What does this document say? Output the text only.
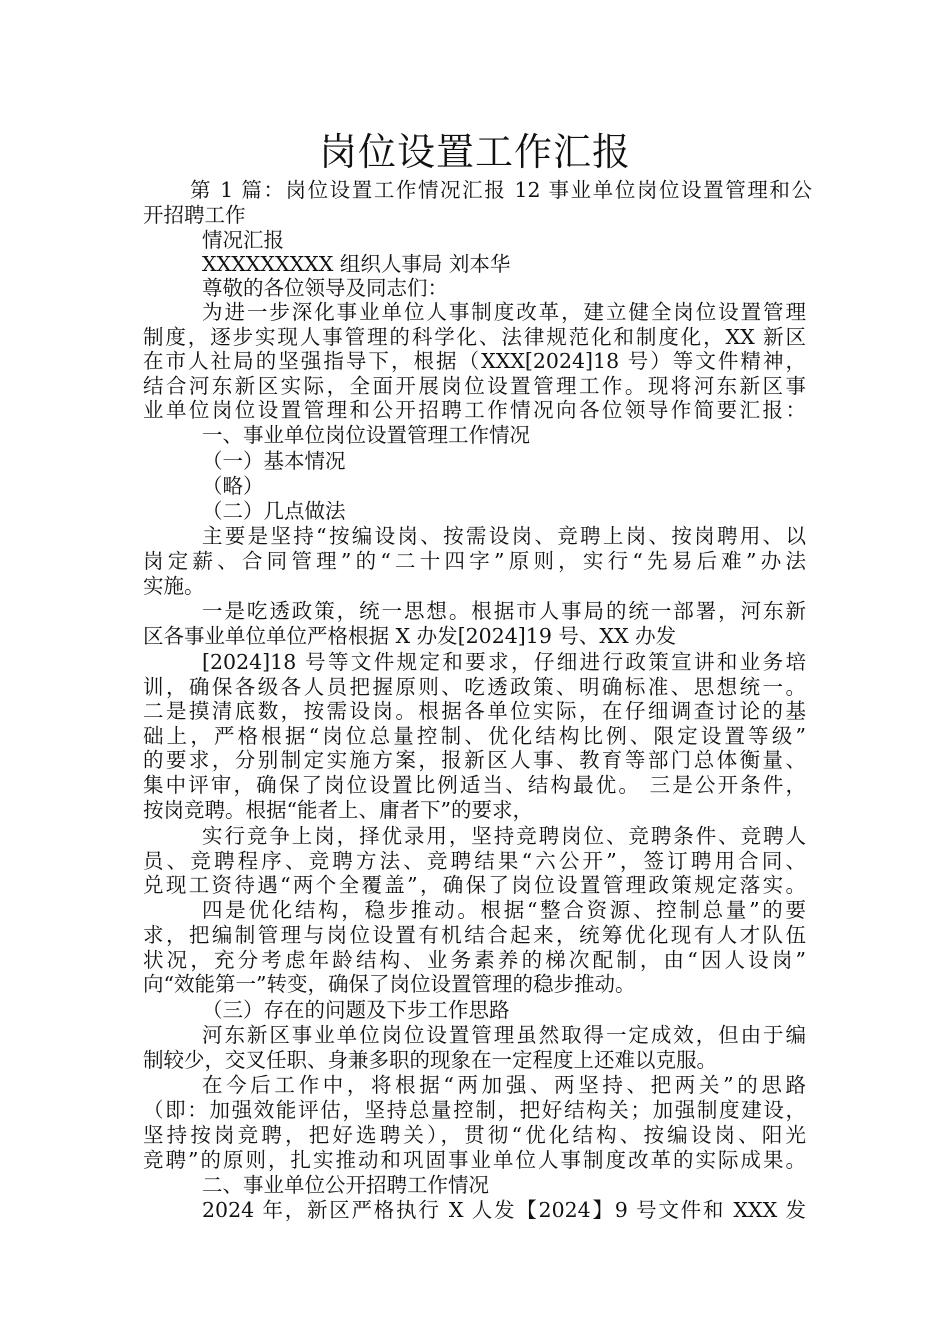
岗位设置工作汇报
第 1 篇：岗位设置工作情况汇报 12 事业单位岗位设置管理和公
开招聘工作
情况汇报
XXXXXXXXX 组织人事局 刘本华
尊敬的各位领导及同志们：
为进一步深化事业单位人事制度改革，建立健全岗位设置管理
制度，逐步实现人事管理的科学化、法律规范化和制度化，XX 新区
在市人社局的坚强指导下，根据（XXX[2024]18 号）等文件精神，
结合河东新区实际，全面开展岗位设置管理工作。现将河东新区事
业单位岗位设置管理和公开招聘工作情况向各位领导作简要汇报：
一、事业单位岗位设置管理工作情况
（一）基本情况
（略）
（二）几点做法
主要是坚持“按编设岗、按需设岗、竞聘上岗、按岗聘用、以
岗定薪、合同管理”的“二十四字”原则，实行“先易后难”办法
实施。
一是吃透政策，统一思想。根据市人事局的统一部署，河东新
区各事业单位单位严格根据 X 办发[2024]19 号、XX 办发
[2024]18 号等文件规定和要求，仔细进行政策宣讲和业务培
训，确保各级各人员把握原则、吃透政策、明确标准、思想统一。
二是摸清底数，按需设岗。根据各单位实际，在仔细调查讨论的基
础上，严格根据“岗位总量控制、优化结构比例、限定设置等级”
的要求，分别制定实施方案，报新区人事、教育等部门总体衡量、
集中评审，确保了岗位设置比例适当、结构最优。 三是公开条件，
按岗竞聘。根据“能者上、庸者下”的要求，
实行竞争上岗，择优录用，坚持竞聘岗位、竞聘条件、竞聘人
员、竞聘程序、竞聘方法、竞聘结果“六公开”，签订聘用合同、
兑现工资待遇“两个全覆盖”，确保了岗位设置管理政策规定落实。
四是优化结构，稳步推动。根据“整合资源、控制总量”的要
求，把编制管理与岗位设置有机结合起来，统筹优化现有人才队伍
状况，充分考虑年龄结构、业务素养的梯次配制，由“因人设岗”
向“效能第一”转变，确保了岗位设置管理的稳步推动。
（三）存在的问题及下步工作思路
河东新区事业单位岗位设置管理虽然取得一定成效，但由于编
制较少，交叉任职、身兼多职的现象在一定程度上还难以克服。
在今后工作中，将根据“两加强、两坚持、把两关”的思路
（即：加强效能评估，坚持总量控制，把好结构关；加强制度建设，
坚持按岗竞聘，把好选聘关），贯彻“优化结构、按编设岗、阳光
竞聘”的原则，扎实推动和巩固事业单位人事制度改革的实际成果。
二、事业单位公开招聘工作情况
2024 年，新区严格执行 X 人发【2024】9 号文件和 XXX 发
